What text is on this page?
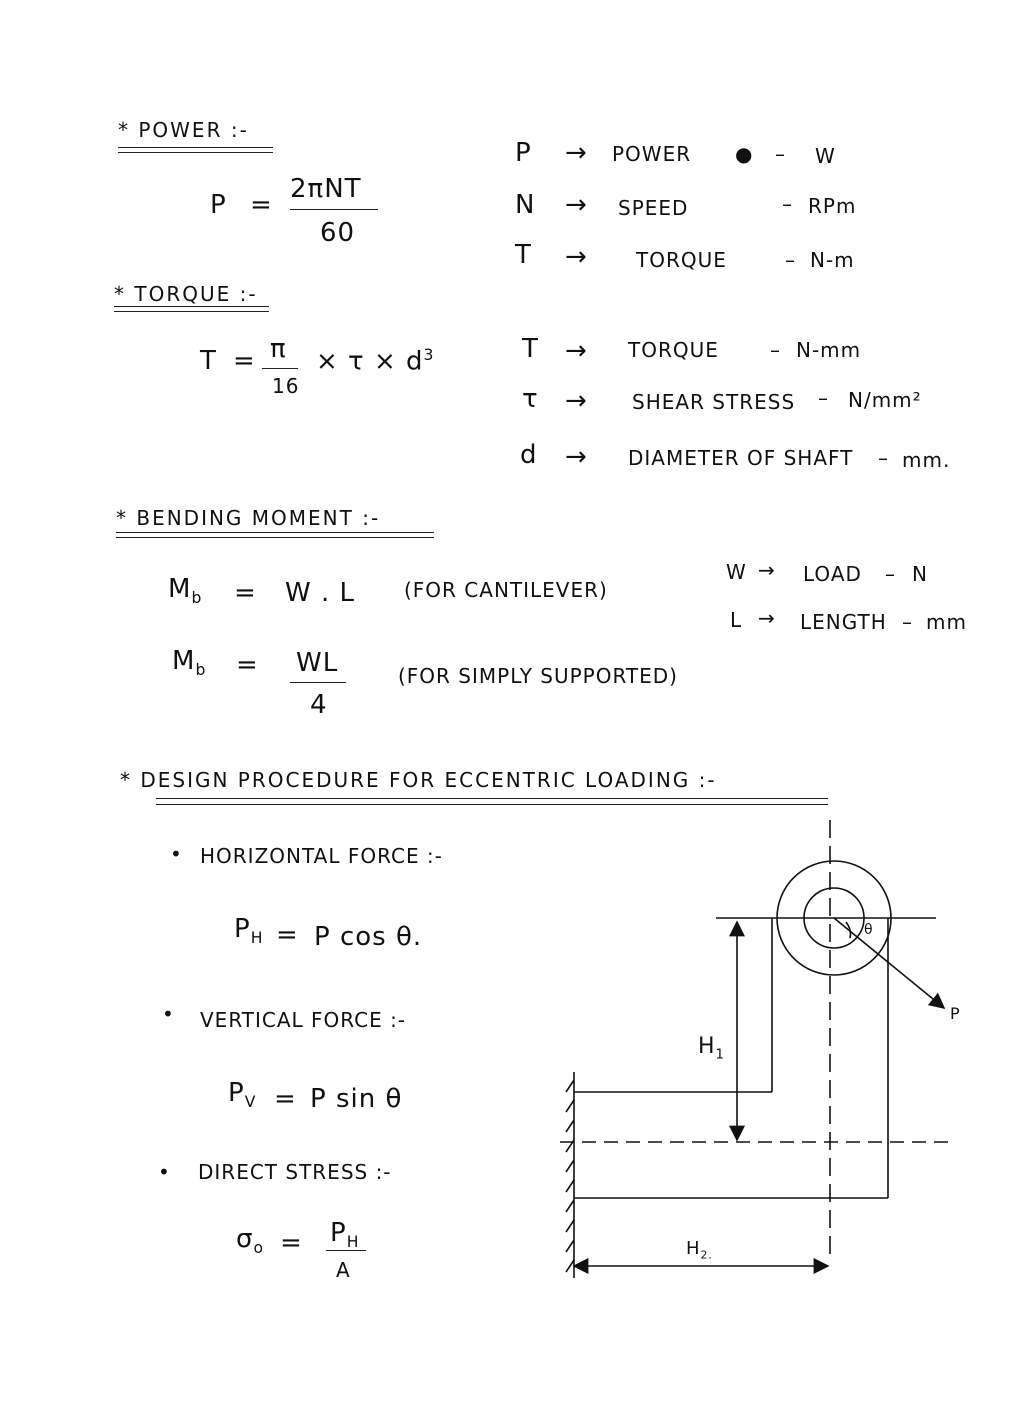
* POWER :-
P =
2πNT
60
P → POWER ● – W
N → SPEED	– RPm
T → TORQUE	– N-m
* TORQUE :-
T = π
16
× $\tau \times d^3$	T → TORQUE	– N-mm
τ → SHEAR STRESS – N/mm²
d → DIAMETER OF SHAFT – mm.
* BENDING MOMENT :-
$M_b = W$ . L (FOR CANTILEVER)
$M_b$ = WL
4
(FOR SIMPLY SUPPORTED)
W → LOAD – N
L → LENGTH – mm
* DESIGN PROCEDURE FOR ECCENTRIC LOADING :-
• HORIZONTAL FORCE :-
$P_H = P$ cos θ.
• VERTICAL FORCE :-
$P_V = P$ sin θ
• DIRECT STRESS :-
$\sigma_o = P_H$
A
θ
P
$H_1$
$H_{2.}$
